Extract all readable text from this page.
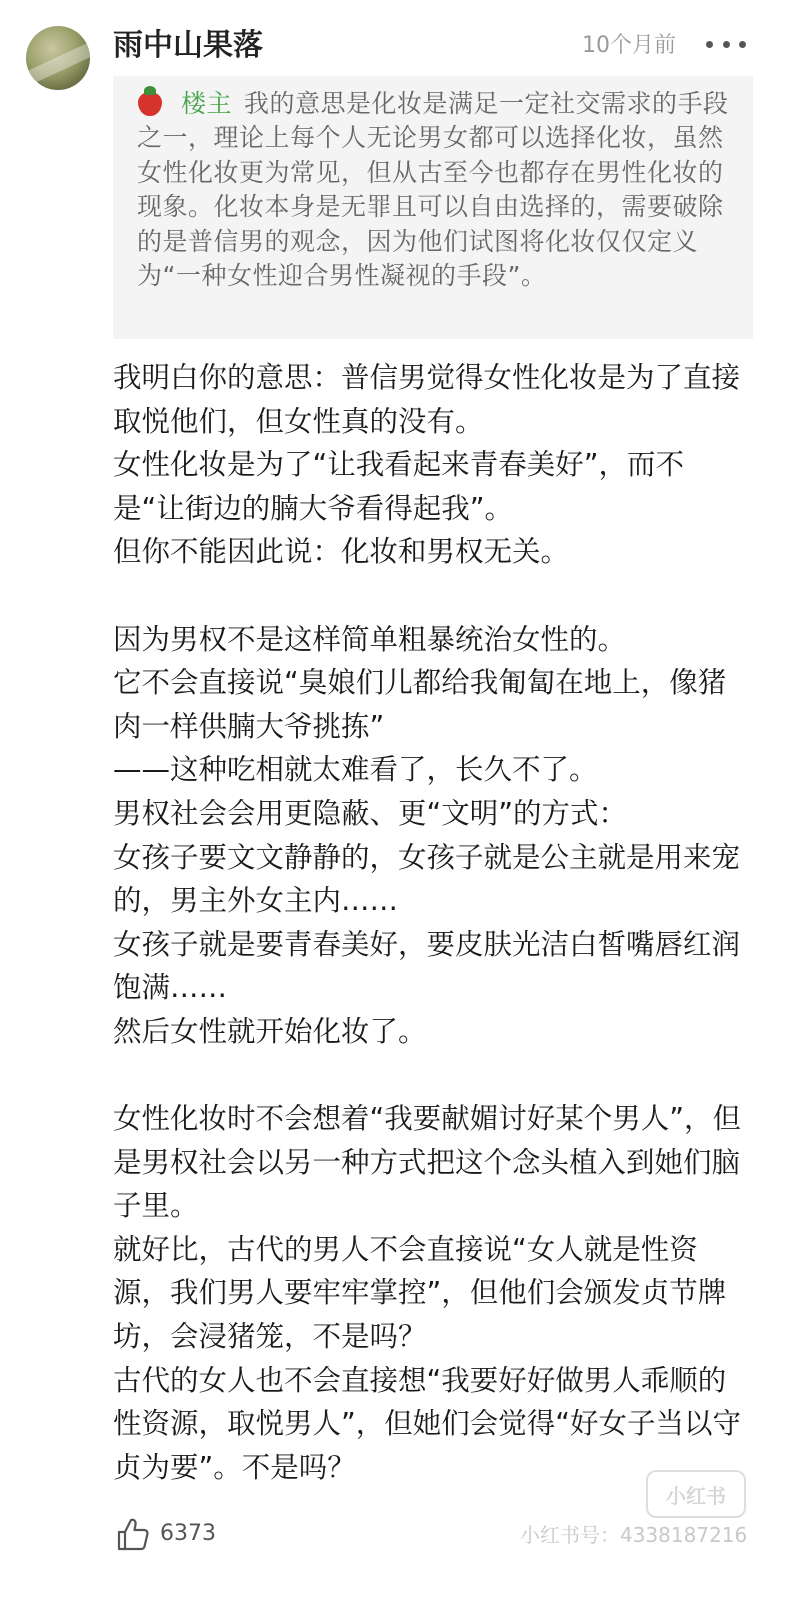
雨中山果落	10个月前

楼主 我的意思是化妆是满足一定社交需求的手段之一，理论上每个人无论男女都可以选择化妆，虽然女性化妆更为常见，但从古至今也都存在男性化妆的现象。化妆本身是无罪且可以自由选择的，需要破除的是普信男的观念，因为他们试图将化妆仅仅定义为“一种女性迎合男性凝视的手段”。

我明白你的意思：普信男觉得女性化妆是为了直接取悦他们，但女性真的没有。
女性化妆是为了“让我看起来青春美好”，而不是“让街边的腩大爷看得起我”。
但你不能因此说：化妆和男权无关。

因为男权不是这样简单粗暴统治女性的。
它不会直接说“臭娘们儿都给我匍匐在地上，像猪肉一样供腩大爷挑拣”
——这种吃相就太难看了，长久不了。
男权社会会用更隐蔽、更“文明”的方式：
女孩子要文文静静的，女孩子就是公主就是用来宠的，男主外女主内……
女孩子就是要青春美好，要皮肤光洁白皙嘴唇红润饱满……
然后女性就开始化妆了。

女性化妆时不会想着“我要献媚讨好某个男人”，但是男权社会以另一种方式把这个念头植入到她们脑子里。
就好比，古代的男人不会直接说“女人就是性资源，我们男人要牢牢掌控”，但他们会颁发贞节牌坊，会浸猪笼，不是吗？
古代的女人也不会直接想“我要好好做男人乖顺的性资源，取悦男人”，但她们会觉得“好女子当以守贞为要”。不是吗？

6373
小红书
小红书号：4338187216
